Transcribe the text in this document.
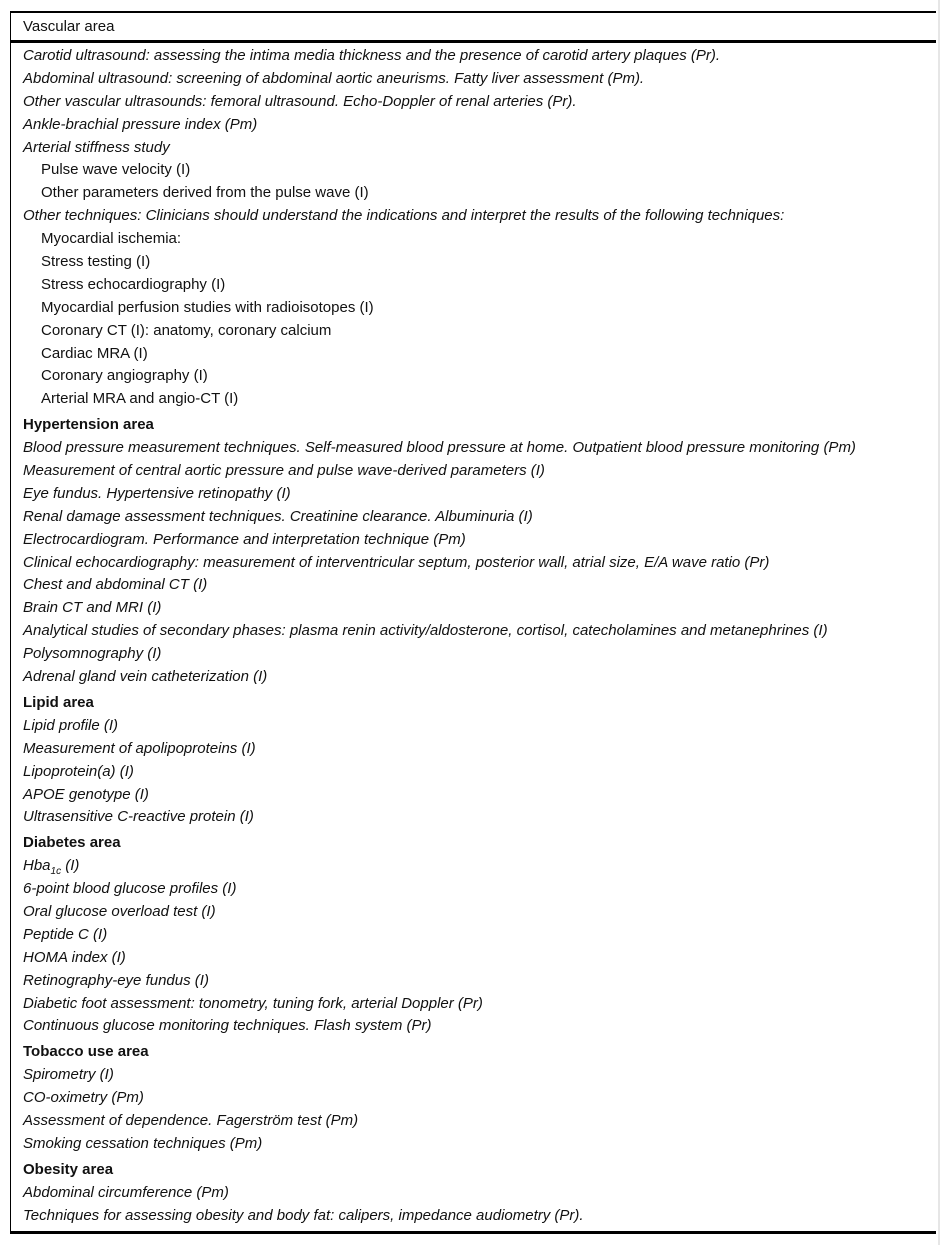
Vascular area
Carotid ultrasound: assessing the intima media thickness and the presence of carotid artery plaques (Pr).
Abdominal ultrasound: screening of abdominal aortic aneurisms. Fatty liver assessment (Pm).
Other vascular ultrasounds: femoral ultrasound. Echo-Doppler of renal arteries (Pr).
Ankle-brachial pressure index (Pm)
Arterial stiffness study
Pulse wave velocity (I)
Other parameters derived from the pulse wave (I)
Other techniques: Clinicians should understand the indications and interpret the results of the following techniques:
Myocardial ischemia:
Stress testing (I)
Stress echocardiography (I)
Myocardial perfusion studies with radioisotopes (I)
Coronary CT (I): anatomy, coronary calcium
Cardiac MRA (I)
Coronary angiography (I)
Arterial MRA and angio-CT (I)
Hypertension area
Blood pressure measurement techniques. Self-measured blood pressure at home. Outpatient blood pressure monitoring (Pm)
Measurement of central aortic pressure and pulse wave-derived parameters (I)
Eye fundus. Hypertensive retinopathy (I)
Renal damage assessment techniques. Creatinine clearance. Albuminuria (I)
Electrocardiogram. Performance and interpretation technique (Pm)
Clinical echocardiography: measurement of interventricular septum, posterior wall, atrial size, E/A wave ratio (Pr)
Chest and abdominal CT (I)
Brain CT and MRI (I)
Analytical studies of secondary phases: plasma renin activity/aldosterone, cortisol, catecholamines and metanephrines (I)
Polysomnography (I)
Adrenal gland vein catheterization (I)
Lipid area
Lipid profile (I)
Measurement of apolipoproteins (I)
Lipoprotein(a) (I)
APOE genotype (I)
Ultrasensitive C-reactive protein (I)
Diabetes area
Hba$_{1c}$ (I)
6-point blood glucose profiles (I)
Oral glucose overload test (I)
Peptide C (I)
HOMA index (I)
Retinography-eye fundus (I)
Diabetic foot assessment: tonometry, tuning fork, arterial Doppler (Pr)
Continuous glucose monitoring techniques. Flash system (Pr)
Tobacco use area
Spirometry (I)
CO-oximetry (Pm)
Assessment of dependence. Fagerström test (Pm)
Smoking cessation techniques (Pm)
Obesity area
Abdominal circumference (Pm)
Techniques for assessing obesity and body fat: calipers, impedance audiometry (Pr).
